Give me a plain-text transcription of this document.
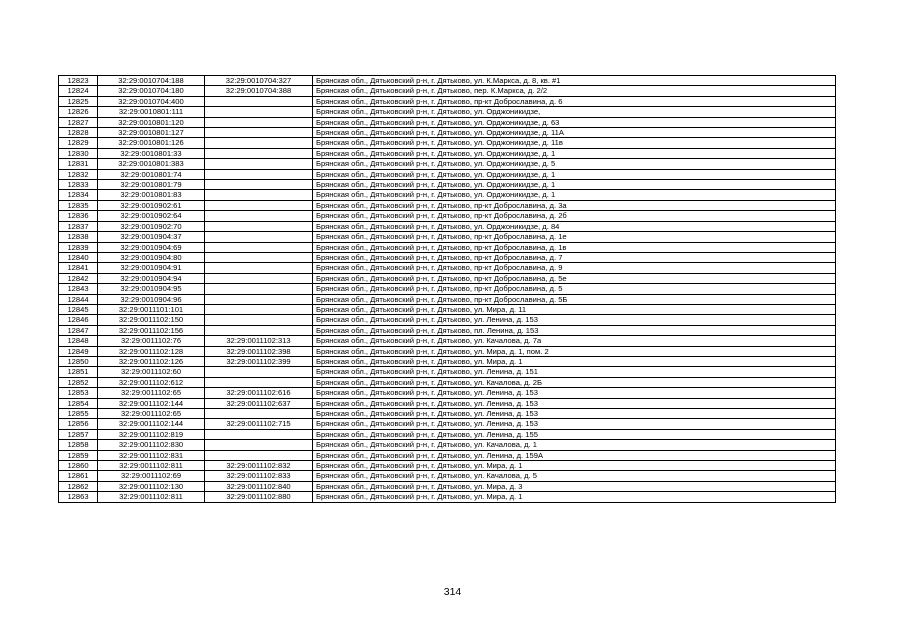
12823	32:29:0010704:188	32:29:0010704:327	Брянская обл., Дятьковский р-н, г. Дятьково, ул. К.Маркса, д. 8, кв. #1
12824	32:29:0010704:180	32:29:0010704:388	Брянская обл., Дятьковский р-н, г. Дятьково, пер. К.Маркса, д. 2/2
12825	32:29:0010704:400		Брянская обл., Дятьковский р-н, г. Дятьково, пр-кт Доброславина, д. 6
12826	32:29:0010801:111		Брянская обл., Дятьковский р-н, г. Дятьково, ул. Орджоникидзе,
12827	32:29:0010801:120		Брянская обл., Дятьковский р-н, г. Дятьково, ул. Орджоникидзе, д. 63
12828	32:29:0010801:127		Брянская обл., Дятьковский р-н, г. Дятьково, ул. Орджоникидзе, д. 11А
12829	32:29:0010801:126		Брянская обл., Дятьковский р-н, г. Дятьково, ул. Орджоникидзе, д. 11в
12830	32:29:0010801:33		Брянская обл., Дятьковский р-н, г. Дятьково, ул. Орджоникидзе, д. 1
12831	32:29:0010801:383		Брянская обл., Дятьковский р-н, г. Дятьково, ул. Орджоникидзе, д. 5
12832	32:29:0010801:74		Брянская обл., Дятьковский р-н, г. Дятьково, ул. Орджоникидзе, д. 1
12833	32:29:0010801:79		Брянская обл., Дятьковский р-н, г. Дятьково, ул. Орджоникидзе, д. 1
12834	32:29:0010801:83		Брянская обл., Дятьковский р-н, г. Дятьково, ул. Орджоникидзе, д. 1
12835	32:29:0010902:61		Брянская обл., Дятьковский р-н, г. Дятьково, пр-кт Доброславина, д. 3а
12836	32:29:0010902:64		Брянская обл., Дятьковский р-н, г. Дятьково, пр-кт Доброславина, д. 2б
12837	32:29:0010902:70		Брянская обл., Дятьковский р-н, г. Дятьково, ул. Орджоникидзе, д. 84
12838	32:29:0010904:37		Брянская обл., Дятьковский р-н, г. Дятьково, пр-кт Доброславина, д. 1е
12839	32:29:0010904:69		Брянская обл., Дятьковский р-н, г. Дятьково, пр-кт Доброславина, д. 1в
12840	32:29:0010904:80		Брянская обл., Дятьковский р-н, г. Дятьково, пр-кт Доброславина, д. 7
12841	32:29:0010904:91		Брянская обл., Дятьковский р-н, г. Дятьково, пр-кт Доброславина, д. 9
12842	32:29:0010904:94		Брянская обл., Дятьковский р-н, г. Дятьково, пр-кт Доброславина, д. 5е
12843	32:29:0010904:95		Брянская обл., Дятьковский р-н, г. Дятьково, пр-кт Доброславина, д. 5
12844	32:29:0010904:96		Брянская обл., Дятьковский р-н, г. Дятьково, пр-кт Доброславина, д. 5Б
12845	32:29:0011101:101		Брянская обл., Дятьковский р-н, г. Дятьково, ул. Мира, д. 11
12846	32:29:0011102:150		Брянская обл., Дятьковский р-н, г. Дятьково, ул. Ленина, д. 153
12847	32:29:0011102:156		Брянская обл., Дятьковский р-н, г. Дятьково, пл. Ленина, д. 153
12848	32:29:0011102:76	32:29:0011102:313	Брянская обл., Дятьковский р-н, г. Дятьково, ул. Качалова, д. 7а
12849	32:29:0011102:128	32:29:0011102:398	Брянская обл., Дятьковский р-н, г. Дятьково, ул. Мира, д. 1, пом. 2
12850	32:29:0011102:126	32:29:0011102:399	Брянская обл., Дятьковский р-н, г. Дятьково, ул. Мира, д. 1
12851	32:29:0011102:60		Брянская обл., Дятьковский р-н, г. Дятьково, ул. Ленина, д. 151
12852	32:29:0011102:612		Брянская обл., Дятьковский р-н, г. Дятьково, ул. Качалова, д. 2Б
12853	32:29:0011102:65	32:29:0011102:616	Брянская обл., Дятьковский р-н, г. Дятьково, ул. Ленина, д. 153
12854	32:29:0011102:144	32:29:0011102:637	Брянская обл., Дятьковский р-н, г. Дятьково, ул. Ленина, д. 153
12855	32:29:0011102:65		Брянская обл., Дятьковский р-н, г. Дятьково, ул. Ленина, д. 153
12856	32:29:0011102:144	32:29:0011102:715	Брянская обл., Дятьковский р-н, г. Дятьково, ул. Ленина, д. 153
12857	32:29:0011102:819		Брянская обл., Дятьковский р-н, г. Дятьково, ул. Ленина, д. 155
12858	32:29:0011102:830		Брянская обл., Дятьковский р-н, г. Дятьково, ул. Качалова, д. 1
12859	32:29:0011102:831		Брянская обл., Дятьковский р-н, г. Дятьково, ул. Ленина, д. 159А
12860	32:29:0011102:811	32:29:0011102:832	Брянская обл., Дятьковский р-н, г. Дятьково, ул. Мира, д. 1
12861	32:29:0011102:69	32:29:0011102:833	Брянская обл., Дятьковский р-н, г. Дятьково, ул. Качалова, д. 5
12862	32:29:0011102:130	32:29:0011102:840	Брянская обл., Дятьковский р-н, г. Дятьково, ул. Мира, д. 3
12863	32:29:0011102:811	32:29:0011102:880	Брянская обл., Дятьковский р-н, г. Дятьково, ул. Мира, д. 1
314
